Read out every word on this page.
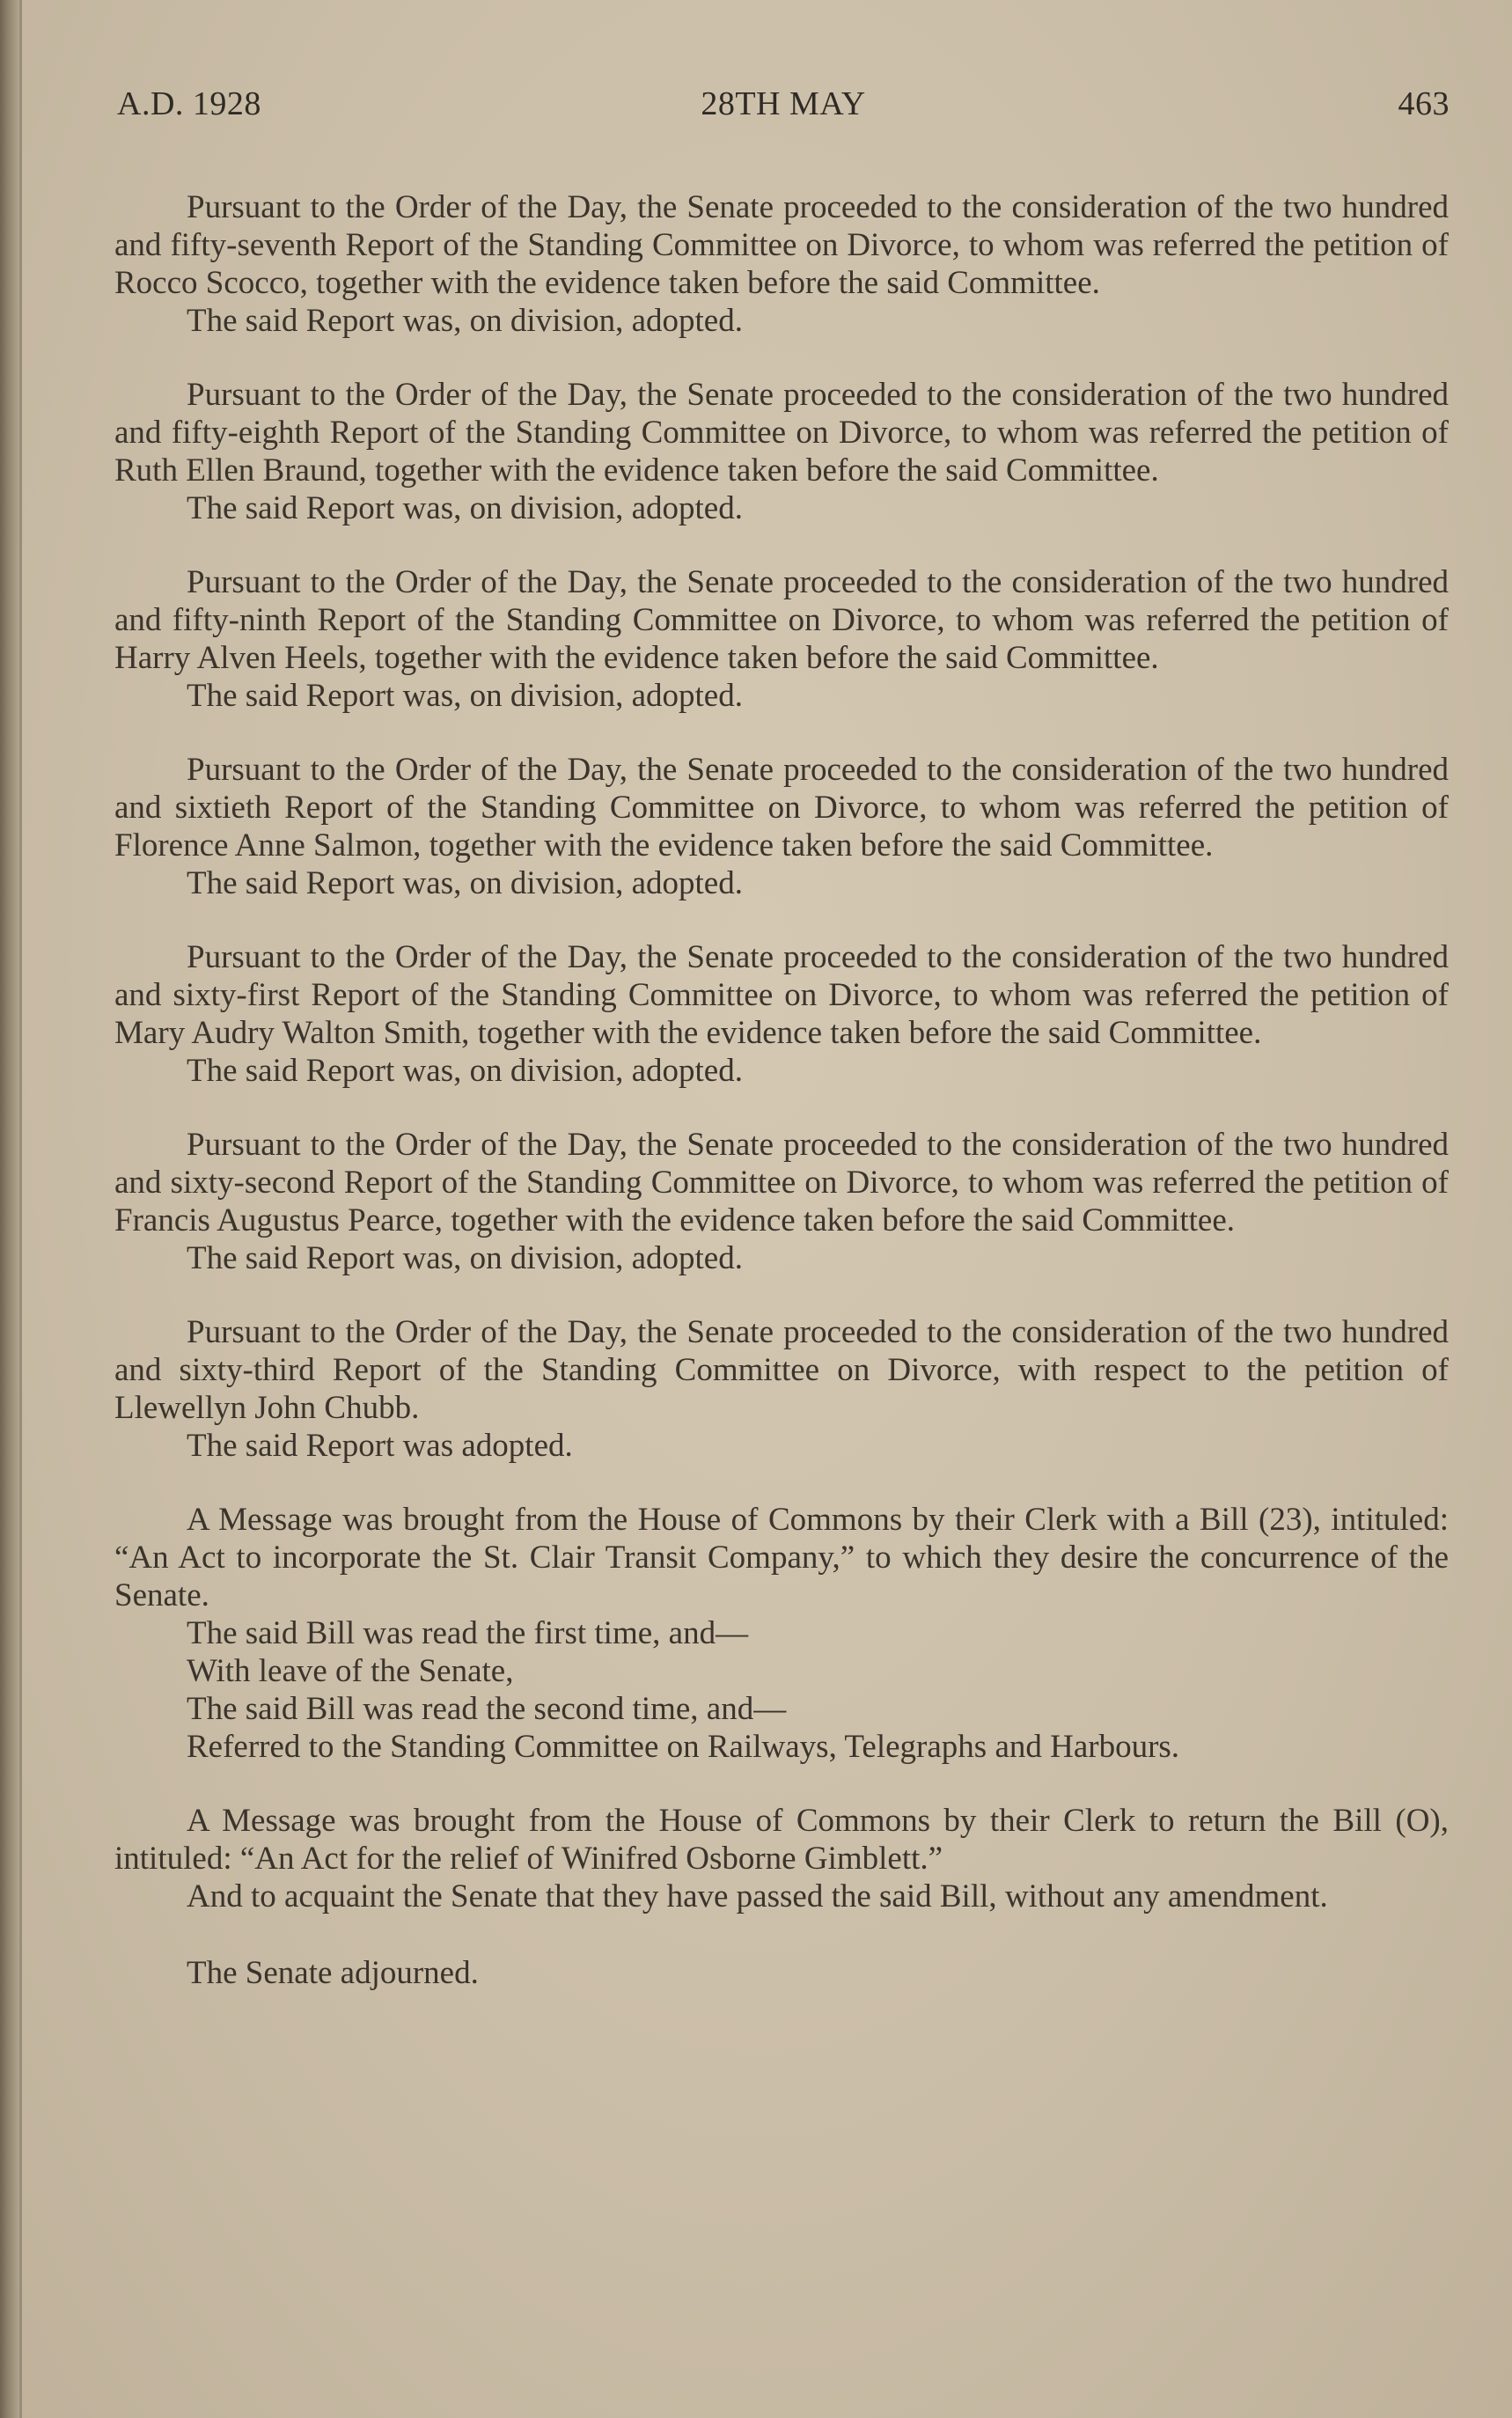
A.D. 1928	28TH MAY	463

Pursuant to the Order of the Day, the Senate proceeded to the consideration of the two hundred and fifty-seventh Report of the Standing Committee on Divorce, to whom was referred the petition of Rocco Scocco, together with the evidence taken before the said Committee.

The said Report was, on division, adopted.

Pursuant to the Order of the Day, the Senate proceeded to the consideration of the two hundred and fifty-eighth Report of the Standing Committee on Divorce, to whom was referred the petition of Ruth Ellen Braund, together with the evidence taken before the said Committee.

The said Report was, on division, adopted.

Pursuant to the Order of the Day, the Senate proceeded to the consideration of the two hundred and fifty-ninth Report of the Standing Committee on Divorce, to whom was referred the petition of Harry Alven Heels, together with the evidence taken before the said Committee.

The said Report was, on division, adopted.

Pursuant to the Order of the Day, the Senate proceeded to the consideration of the two hundred and sixtieth Report of the Standing Committee on Divorce, to whom was referred the petition of Florence Anne Salmon, together with the evidence taken before the said Committee.

The said Report was, on division, adopted.

Pursuant to the Order of the Day, the Senate proceeded to the consideration of the two hundred and sixty-first Report of the Standing Committee on Divorce, to whom was referred the petition of Mary Audry Walton Smith, together with the evidence taken before the said Committee.

The said Report was, on division, adopted.

Pursuant to the Order of the Day, the Senate proceeded to the consideration of the two hundred and sixty-second Report of the Standing Committee on Divorce, to whom was referred the petition of Francis Augustus Pearce, together with the evidence taken before the said Committee.

The said Report was, on division, adopted.

Pursuant to the Order of the Day, the Senate proceeded to the consideration of the two hundred and sixty-third Report of the Standing Committee on Divorce, with respect to the petition of Llewellyn John Chubb.

The said Report was adopted.

A Message was brought from the House of Commons by their Clerk with a Bill (23), intituled: “An Act to incorporate the St. Clair Transit Company,” to which they desire the concurrence of the Senate.

The said Bill was read the first time, and—

With leave of the Senate,

The said Bill was read the second time, and—

Referred to the Standing Committee on Railways, Telegraphs and Harbours.

A Message was brought from the House of Commons by their Clerk to return the Bill (O), intituled: “An Act for the relief of Winifred Osborne Gimblett.”

And to acquaint the Senate that they have passed the said Bill, without any amendment.

The Senate adjourned.
